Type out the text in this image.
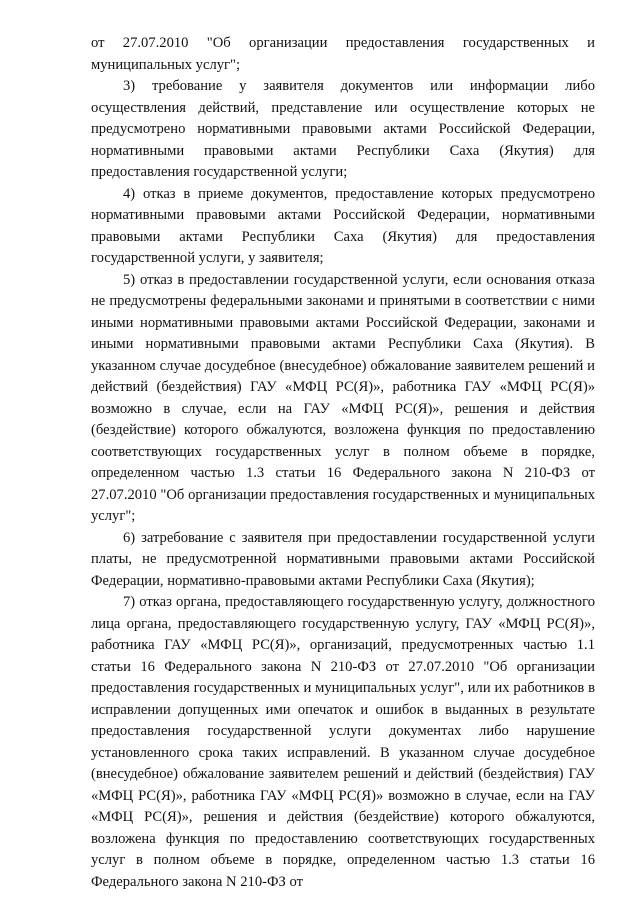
от 27.07.2010 "Об организации предоставления государственных и муниципальных услуг";

3) требование у заявителя документов или информации либо осуществления действий, представление или осуществление которых не предусмотрено нормативными правовыми актами Российской Федерации, нормативными правовыми актами Республики Саха (Якутия) для предоставления государственной услуги;

4) отказ в приеме документов, предоставление которых предусмотрено нормативными правовыми актами Российской Федерации, нормативными правовыми актами Республики Саха (Якутия) для предоставления государственной услуги, у заявителя;

5) отказ в предоставлении государственной услуги, если основания отказа не предусмотрены федеральными законами и принятыми в соответствии с ними иными нормативными правовыми актами Российской Федерации, законами и иными нормативными правовыми актами Республики Саха (Якутия). В указанном случае досудебное (внесудебное) обжалование заявителем решений и действий (бездействия) ГАУ «МФЦ РС(Я)», работника ГАУ «МФЦ РС(Я)» возможно в случае, если на ГАУ «МФЦ РС(Я)», решения и действия (бездействие) которого обжалуются, возложена функция по предоставлению соответствующих государственных услуг в полном объеме в порядке, определенном частью 1.3 статьи 16 Федерального закона N 210-ФЗ от 27.07.2010 "Об организации предоставления государственных и муниципальных услуг";

6) затребование с заявителя при предоставлении государственной услуги платы, не предусмотренной нормативными правовыми актами Российской Федерации, нормативно-правовыми актами Республики Саха (Якутия);

7) отказ органа, предоставляющего государственную услугу, должностного лица органа, предоставляющего государственную услугу, ГАУ «МФЦ РС(Я)», работника ГАУ «МФЦ РС(Я)», организаций, предусмотренных частью 1.1 статьи 16 Федерального закона N 210-ФЗ от 27.07.2010 "Об организации предоставления государственных и муниципальных услуг", или их работников в исправлении допущенных ими опечаток и ошибок в выданных в результате предоставления государственной услуги документах либо нарушение установленного срока таких исправлений. В указанном случае досудебное (внесудебное) обжалование заявителем решений и действий (бездействия) ГАУ «МФЦ РС(Я)», работника ГАУ «МФЦ РС(Я)» возможно в случае, если на ГАУ «МФЦ РС(Я)», решения и действия (бездействие) которого обжалуются, возложена функция по предоставлению соответствующих государственных услуг в полном объеме в порядке, определенном частью 1.3 статьи 16 Федерального закона N 210-ФЗ от
